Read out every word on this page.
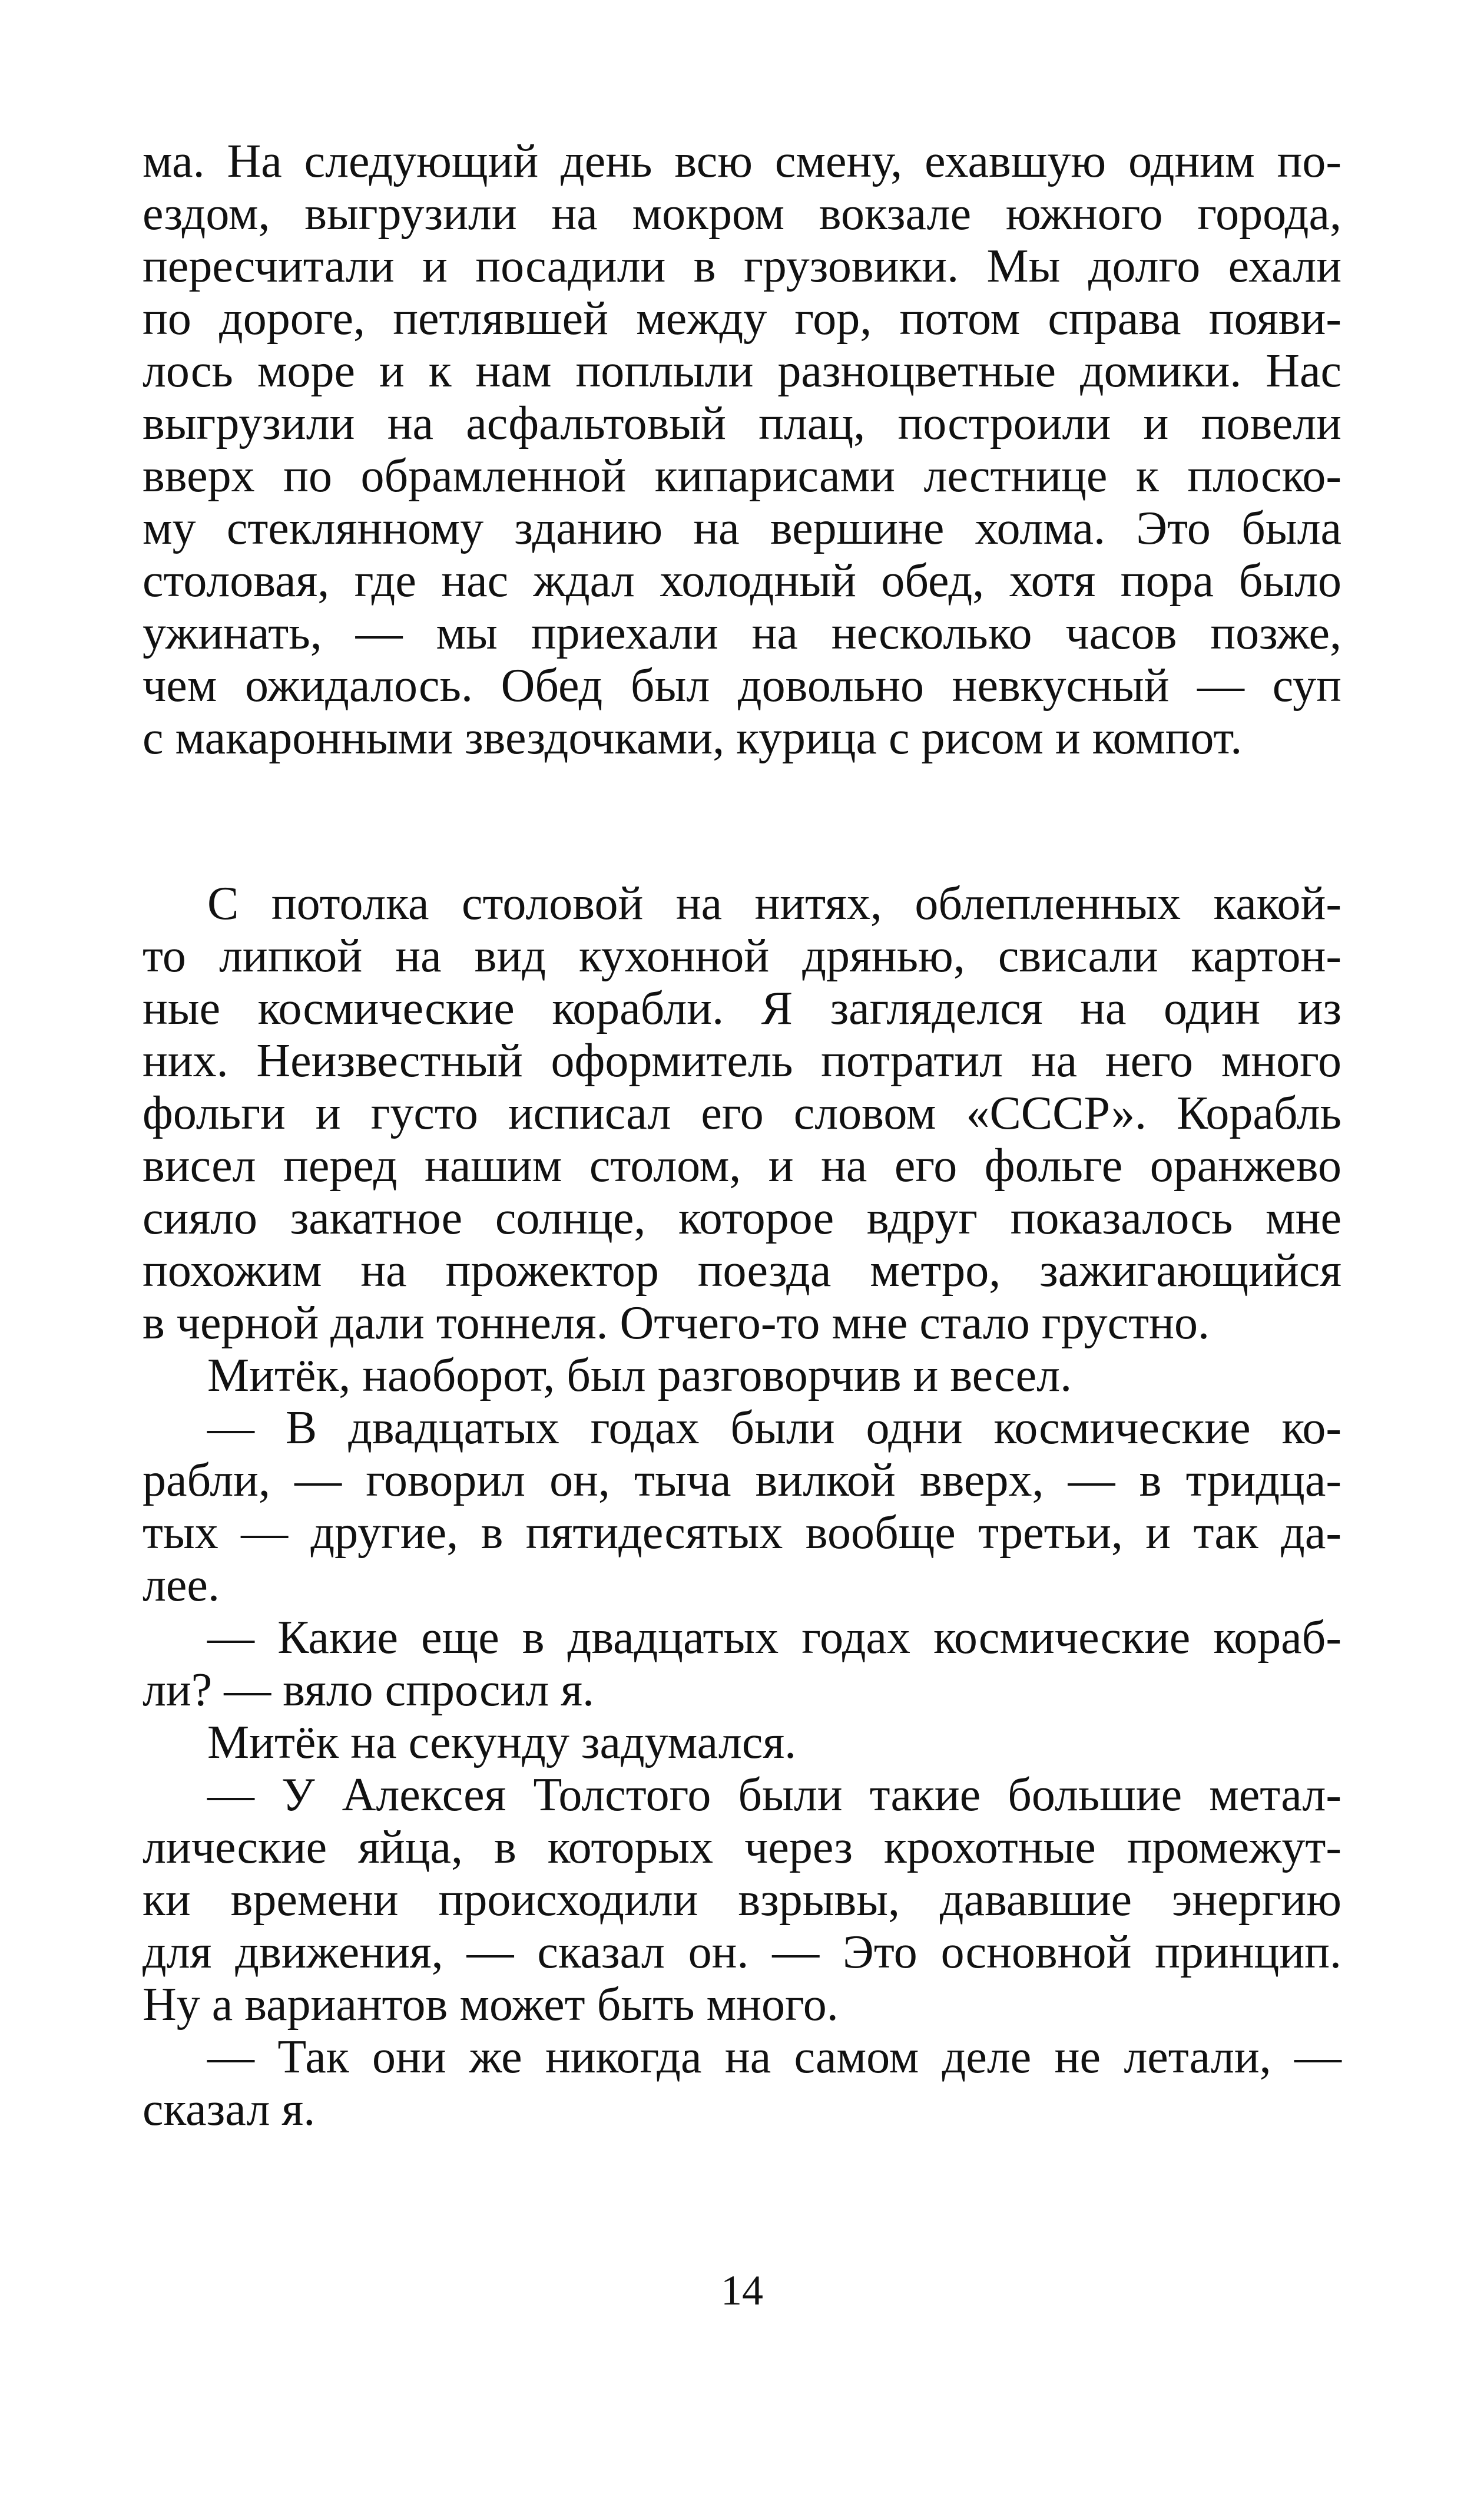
ма. На следующий день всю смену, ехавшую одним по-
ездом, выгрузили на мокром вокзале южного города,
пересчитали и посадили в грузовики. Мы долго ехали
по дороге, петлявшей между гор, потом справа появи-
лось море и к нам поплыли разноцветные домики. Нас
выгрузили на асфальтовый плац, построили и повели
вверх по обрамленной кипарисами лестнице к плоско-
му стеклянному зданию на вершине холма. Это была
столовая, где нас ждал холодный обед, хотя пора было
ужинать, — мы приехали на несколько часов позже,
чем ожидалось. Обед был довольно невкусный — суп
с макаронными звездочками, курица с рисом и компот.
С потолка столовой на нитях, облепленных какой-
то липкой на вид кухонной дрянью, свисали картон-
ные космические корабли. Я загляделся на один из
них. Неизвестный оформитель потратил на него много
фольги и густо исписал его словом «СССР». Корабль
висел перед нашим столом, и на его фольге оранжево
сияло закатное солнце, которое вдруг показалось мне
похожим на прожектор поезда метро, зажигающийся
в черной дали тоннеля. Отчего-то мне стало грустно.
Митёк, наоборот, был разговорчив и весел.
— В двадцатых годах были одни космические ко-
рабли, — говорил он, тыча вилкой вверх, — в тридца-
тых — другие, в пятидесятых вообще третьи, и так да-
лее.
— Какие еще в двадцатых годах космические кораб-
ли? — вяло спросил я.
Митёк на секунду задумался.
— У Алексея Толстого были такие большие метал-
лические яйца, в которых через крохотные промежут-
ки времени происходили взрывы, дававшие энергию
для движения, — сказал он. — Это основной принцип.
Ну а вариантов может быть много.
— Так они же никогда на самом деле не летали, —
сказал я.
14
